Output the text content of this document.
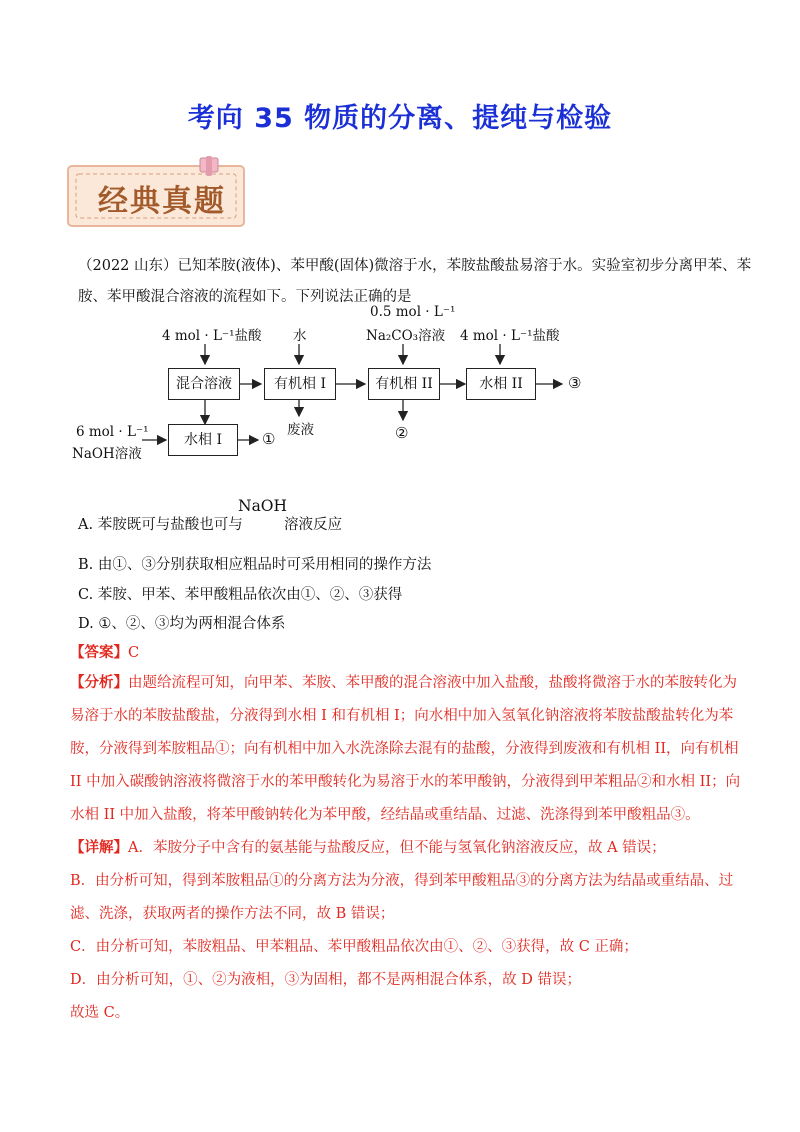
考向 35 物质的分离、提纯与检验
经典真题
（2022 山东）已知苯胺(液体)、苯甲酸(固体)微溶于水，苯胺盐酸盐易溶于水。实验室初步分离甲苯、苯
胺、苯甲酸混合溶液的流程如下。下列说法正确的是
4 mol · L⁻¹盐酸 水
0.5 mol · L⁻¹
Na₂CO₃溶液 4 mol · L⁻¹盐酸
混合溶液	有机相 I	有机相 II	水相 II	③
水相 I	①
6 mol · L⁻¹
NaOH溶液
废液	②
A. 苯胺既可与盐酸也可与
NaOH
溶液反应
B. 由①、③分别获取相应粗品时可采用相同的操作方法
C. 苯胺、甲苯、苯甲酸粗品依次由①、②、③获得
D. ①、②、③均为两相混合体系
【答案】C
【分析】由题给流程可知，向甲苯、苯胺、苯甲酸的混合溶液中加入盐酸，盐酸将微溶于水的苯胺转化为
易溶于水的苯胺盐酸盐，分液得到水相 I 和有机相 I；向水相中加入氢氧化钠溶液将苯胺盐酸盐转化为苯
胺，分液得到苯胺粗品①；向有机相中加入水洗涤除去混有的盐酸，分液得到废液和有机相 II，向有机相
II 中加入碳酸钠溶液将微溶于水的苯甲酸转化为易溶于水的苯甲酸钠，分液得到甲苯粗品②和水相 II；向
水相 II 中加入盐酸，将苯甲酸钠转化为苯甲酸，经结晶或重结晶、过滤、洗涤得到苯甲酸粗品③。
【详解】A．苯胺分子中含有的氨基能与盐酸反应，但不能与氢氧化钠溶液反应，故 A 错误；
B．由分析可知，得到苯胺粗品①的分离方法为分液，得到苯甲酸粗品③的分离方法为结晶或重结晶、过
滤、洗涤，获取两者的操作方法不同，故 B 错误；
C．由分析可知，苯胺粗品、甲苯粗品、苯甲酸粗品依次由①、②、③获得，故 C 正确；
D．由分析可知，①、②为液相，③为固相，都不是两相混合体系，故 D 错误；
故选 C。
